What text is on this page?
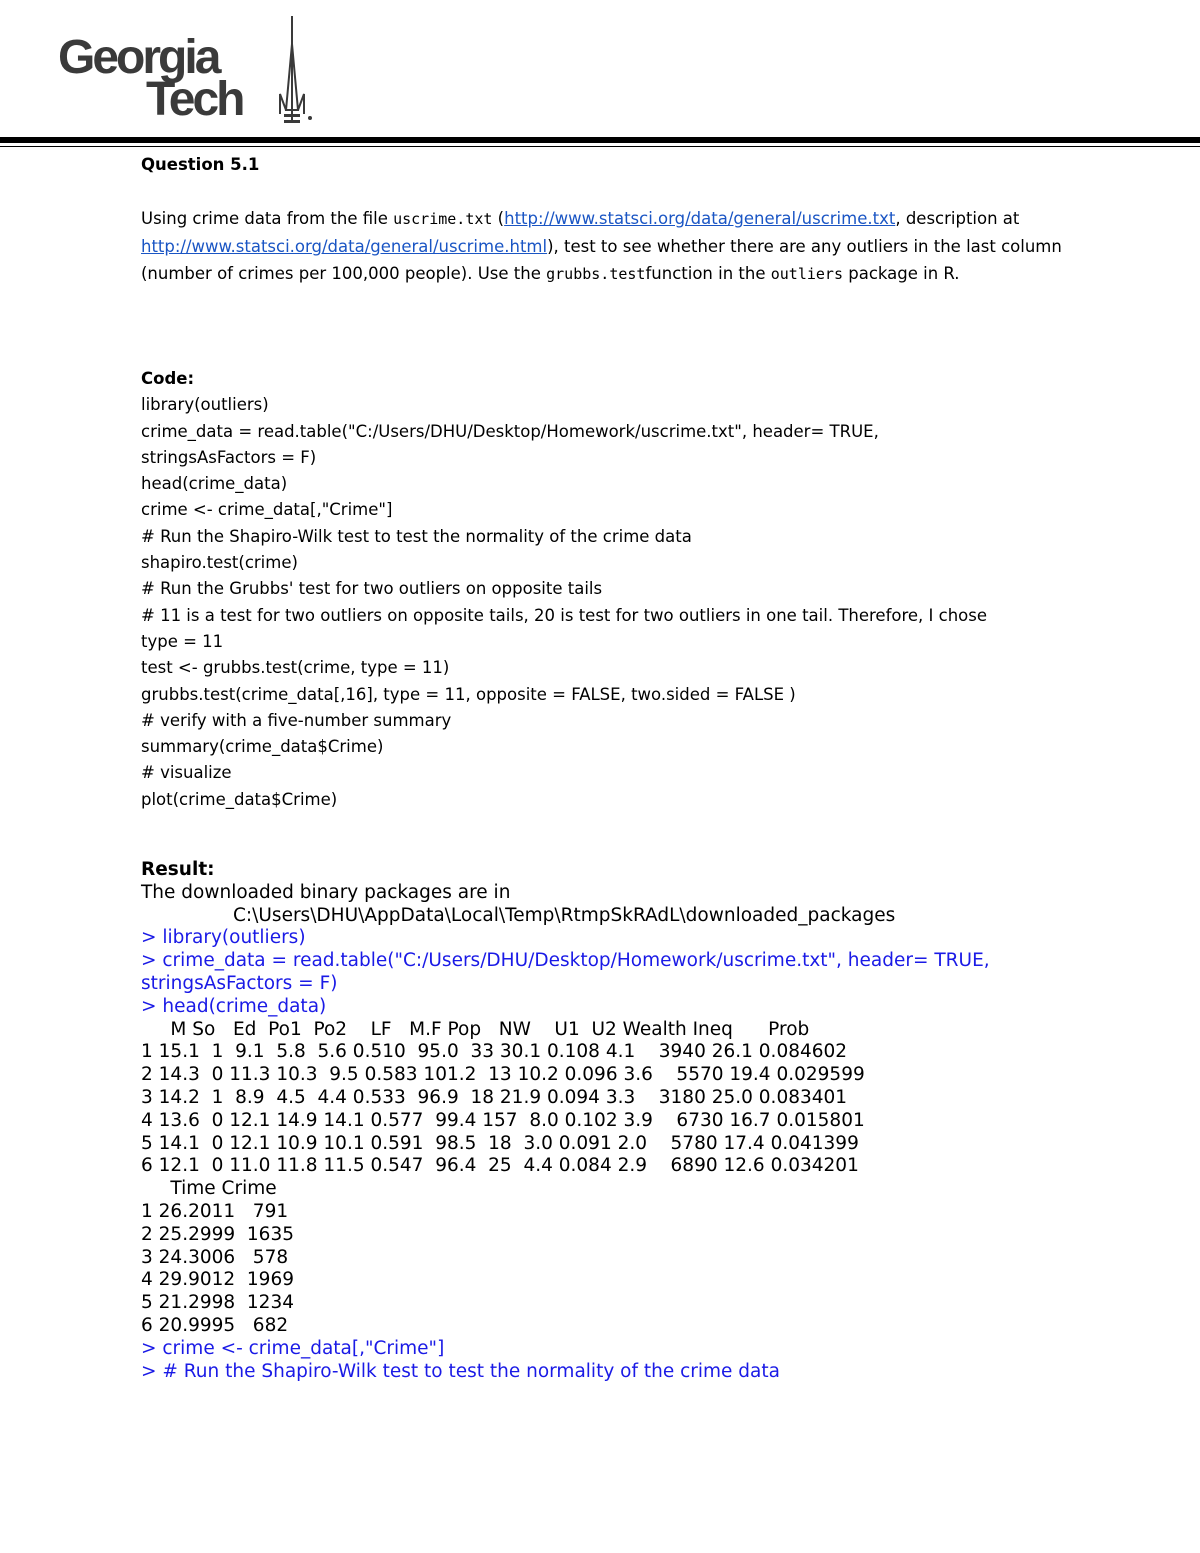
Georgia
Tech

Question 5.1

Using crime data from the file uscrime.txt (http://www.statsci.org/data/general/uscrime.txt, description at http://www.statsci.org/data/general/uscrime.html), test to see whether there are any outliers in the last column (number of crimes per 100,000 people). Use the grubbs.testfunction in the outliers package in R.

Code:
library(outliers)
crime_data = read.table("C:/Users/DHU/Desktop/Homework/uscrime.txt", header= TRUE,
stringsAsFactors = F)
head(crime_data)
crime <- crime_data[,"Crime"]
# Run the Shapiro-Wilk test to test the normality of the crime data
shapiro.test(crime)
# Run the Grubbs' test for two outliers on opposite tails
# 11 is a test for two outliers on opposite tails, 20 is test for two outliers in one tail. Therefore, I chose
type = 11
test <- grubbs.test(crime, type = 11)
grubbs.test(crime_data[,16], type = 11, opposite = FALSE, two.sided = FALSE )
# verify with a five-number summary
summary(crime_data$Crime)
# visualize
plot(crime_data$Crime)
Result:
The downloaded binary packages are in
C:\Users\DHU\AppData\Local\Temp\RtmpSkRAdL\downloaded_packages
> library(outliers)
> crime_data = read.table("C:/Users/DHU/Desktop/Homework/uscrime.txt", header= TRUE,
stringsAsFactors = F)
> head(crime_data)
M So   Ed  Po1  Po2    LF   M.F Pop   NW    U1  U2 Wealth Ineq      Prob
1 15.1  1  9.1  5.8  5.6 0.510  95.0  33 30.1 0.108 4.1    3940 26.1 0.084602
2 14.3  0 11.3 10.3  9.5 0.583 101.2  13 10.2 0.096 3.6    5570 19.4 0.029599
3 14.2  1  8.9  4.5  4.4 0.533  96.9  18 21.9 0.094 3.3    3180 25.0 0.083401
4 13.6  0 12.1 14.9 14.1 0.577  99.4 157  8.0 0.102 3.9    6730 16.7 0.015801
5 14.1  0 12.1 10.9 10.1 0.591  98.5  18  3.0 0.091 2.0    5780 17.4 0.041399
6 12.1  0 11.0 11.8 11.5 0.547  96.4  25  4.4 0.084 2.9    6890 12.6 0.034201
Time Crime
1 26.2011   791
2 25.2999  1635
3 24.3006   578
4 29.9012  1969
5 21.2998  1234
6 20.9995   682
> crime <- crime_data[,"Crime"]
> # Run the Shapiro-Wilk test to test the normality of the crime data
